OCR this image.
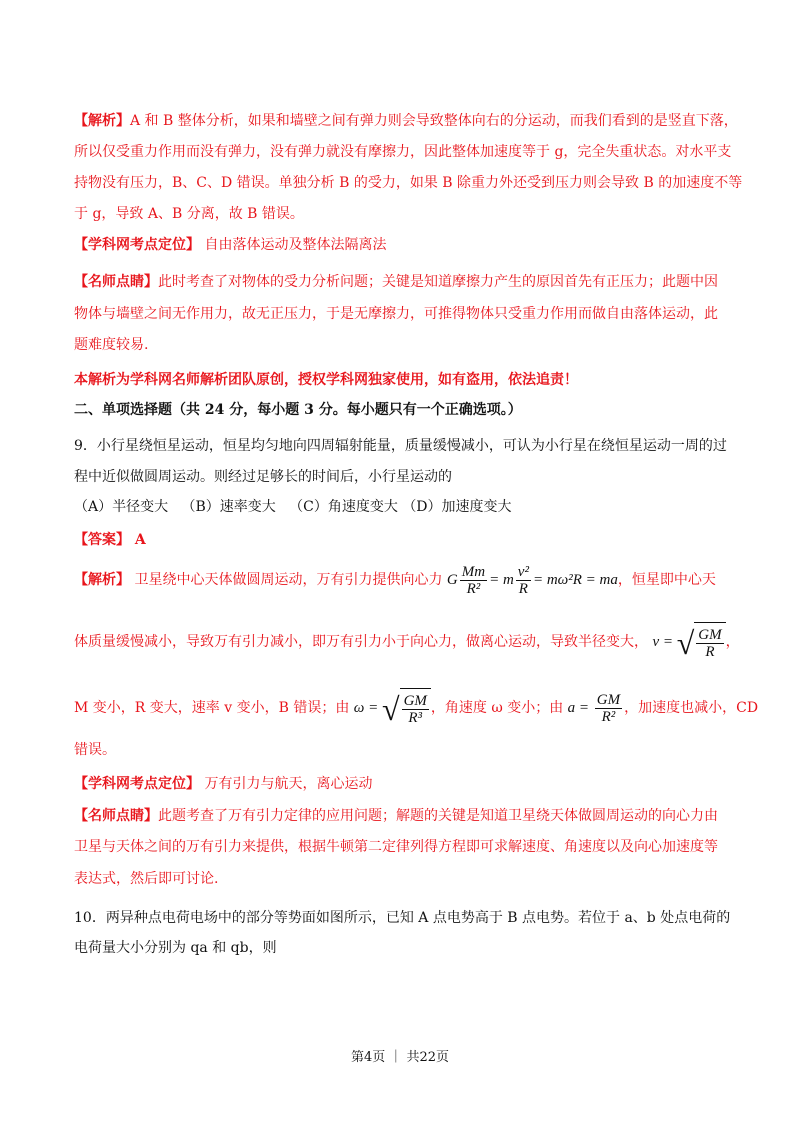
【解析】A 和 B 整体分析，如果和墙壁之间有弹力则会导致整体向右的分运动，而我们看到的是竖直下落，
所以仅受重力作用而没有弹力，没有弹力就没有摩擦力，因此整体加速度等于 g，完全失重状态。对水平支
持物没有压力，B、C、D 错误。单独分析 B 的受力，如果 B 除重力外还受到压力则会导致 B 的加速度不等
于 g，导致 A、B 分离，故 B 错误。
【学科网考点定位】 自由落体运动及整体法隔离法
【名师点睛】此时考查了对物体的受力分析问题；关键是知道摩擦力产生的原因首先有正压力；此题中因
物体与墙壁之间无作用力，故无正压力，于是无摩擦力，可推得物体只受重力作用而做自由落体运动，此
题难度较易.
本解析为学科网名师解析团队原创，授权学科网独家使用，如有盗用，依法追责！
二、单项选择题（共 24 分，每小题 3 分。每小题只有一个正确选项。）
9．小行星绕恒星运动，恒星均匀地向四周辐射能量，质量缓慢减小，可认为小行星在绕恒星运动一周的过
程中近似做圆周运动。则经过足够长的时间后，小行星运动的
（A）半径变大 （B）速率变大 （C）角速度变大 （D）加速度变大
【答案】 A
【解析】 卫星绕中心天体做圆周运动，万有引力提供向心力 G $\frac{Mm}{\text{R²}} = m \frac{\text{v²}}{R} = m\omega^2R$ = ma，恒星即中心天
体质量缓慢减小，导致万有引力减小，即万有引力小于向心力，做离心运动，导致半径变大， v = √ $\frac{GM}{R}$ ，
M 变小，R 变大，速率 v 变小，B 错误；由 ω = √ $\frac{GM}{\text{R³}}$ ，角速度 ω 变小；由 $a = \frac{GM}{\text{R²}}$ ，加速度也减小，CD
错误。
【学科网考点定位】 万有引力与航天，离心运动
【名师点睛】此题考查了万有引力定律的应用问题；解题的关键是知道卫星绕天体做圆周运动的向心力由
卫星与天体之间的万有引力来提供，根据牛顿第二定律列得方程即可求解速度、角速度以及向心加速度等
表达式，然后即可讨论.
10．两异种点电荷电场中的部分等势面如图所示，已知 A 点电势高于 B 点电势。若位于 a、b 处点电荷的
电荷量大小分别为 qa 和 qb，则
第4页 ｜ 共22页
